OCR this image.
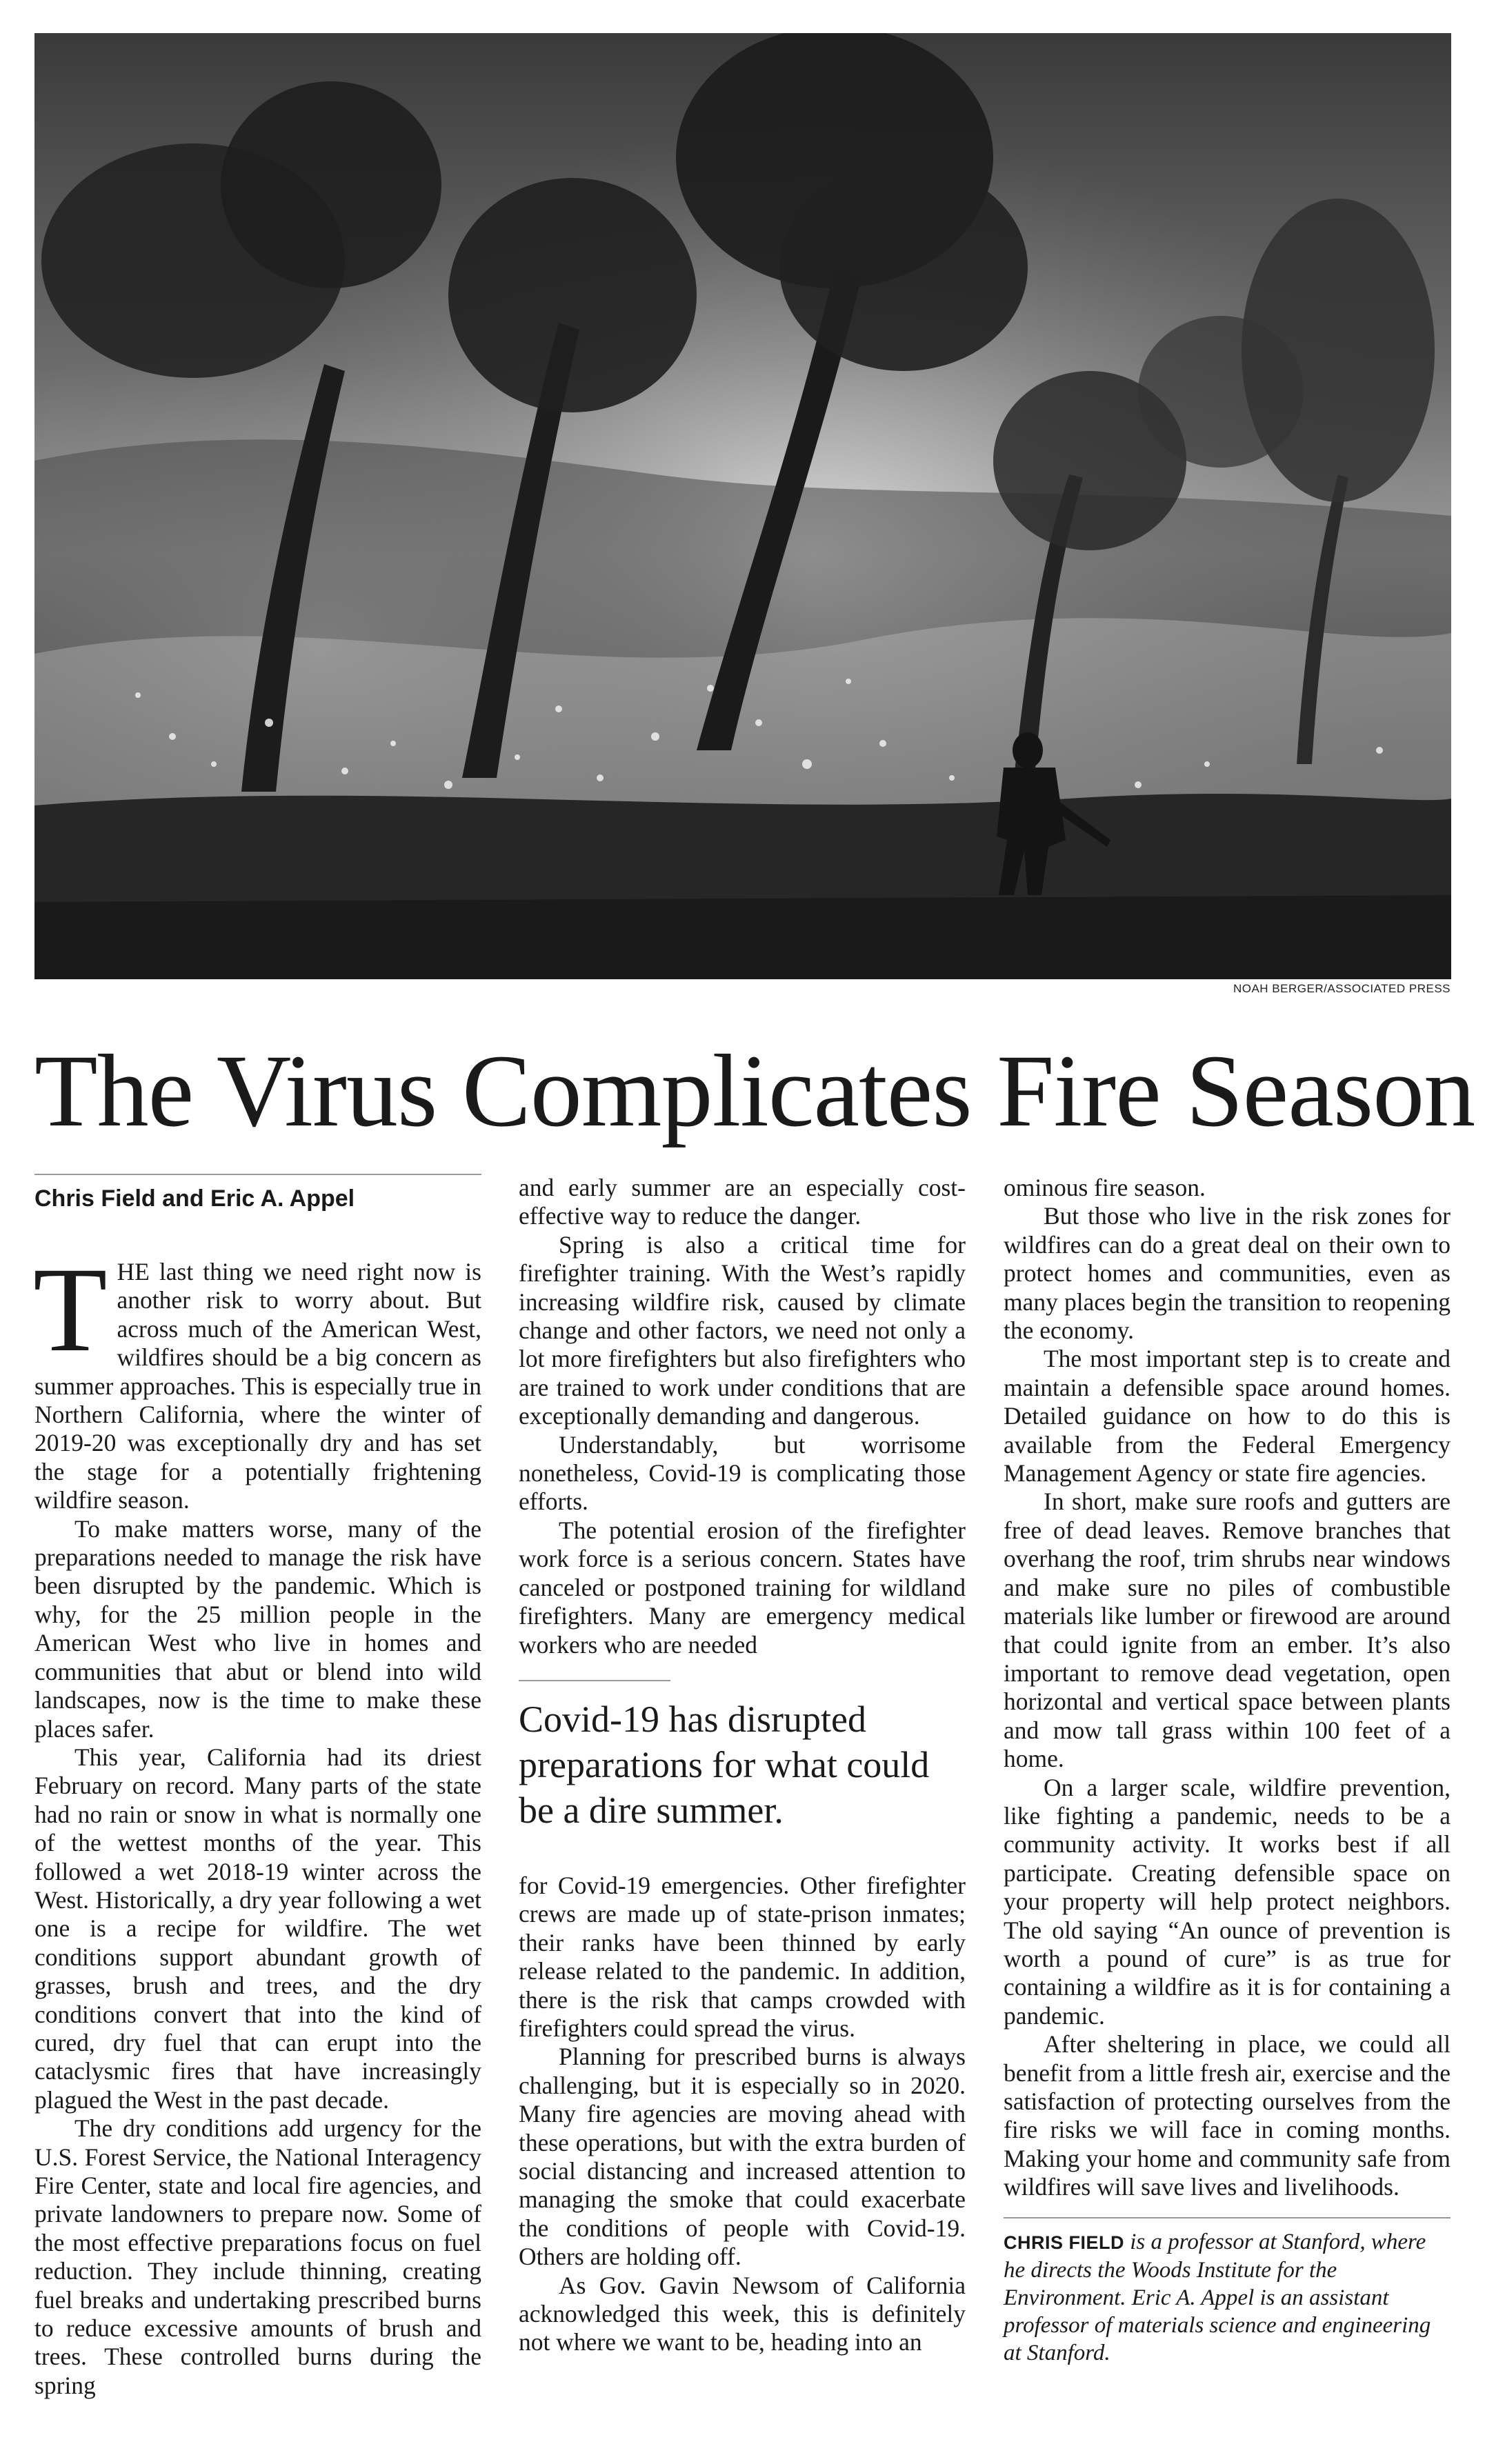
NOAH BERGER/ASSOCIATED PRESS
The Virus Complicates Fire Season
Chris Field and Eric A. Appel

THE last thing we need right now is another risk to worry about. But across much of the American West, wildfires should be a big concern as summer approaches. This is especially true in Northern California, where the winter of 2019-20 was exceptionally dry and has set the stage for a potentially frightening wildfire season.

To make matters worse, many of the preparations needed to manage the risk have been disrupted by the pandemic. Which is why, for the 25 million people in the American West who live in homes and communities that abut or blend into wild landscapes, now is the time to make these places safer.

This year, California had its driest February on record. Many parts of the state had no rain or snow in what is normally one of the wettest months of the year. This followed a wet 2018-19 winter across the West. Historically, a dry year following a wet one is a recipe for wildfire. The wet conditions support abundant growth of grasses, brush and trees, and the dry conditions convert that into the kind of cured, dry fuel that can erupt into the cataclysmic fires that have increasingly plagued the West in the past decade.

The dry conditions add urgency for the U.S. Forest Service, the National Interagency Fire Center, state and local fire agencies, and private landowners to prepare now. Some of the most effective preparations focus on fuel reduction. They include thinning, creating fuel breaks and undertaking prescribed burns to reduce excessive amounts of brush and trees. These controlled burns during the spring

and early summer are an especially cost-effective way to reduce the danger.

Spring is also a critical time for firefighter training. With the West’s rapidly increasing wildfire risk, caused by climate change and other factors, we need not only a lot more firefighters but also firefighters who are trained to work under conditions that are exceptionally demanding and dangerous.

Understandably, but worrisome nonetheless, Covid-19 is complicating those efforts.

The potential erosion of the firefighter work force is a serious concern. States have canceled or postponed training for wildland firefighters. Many are emergency medical workers who are needed

Covid-19 has disrupted preparations for what could be a dire summer.

for Covid-19 emergencies. Other firefighter crews are made up of state-prison inmates; their ranks have been thinned by early release related to the pandemic. In addition, there is the risk that camps crowded with firefighters could spread the virus.

Planning for prescribed burns is always challenging, but it is especially so in 2020. Many fire agencies are moving ahead with these operations, but with the extra burden of social distancing and increased attention to managing the smoke that could exacerbate the conditions of people with Covid-19. Others are holding off.

As Gov. Gavin Newsom of California acknowledged this week, this is definitely not where we want to be, heading into an

ominous fire season.

But those who live in the risk zones for wildfires can do a great deal on their own to protect homes and communities, even as many places begin the transition to reopening the economy.

The most important step is to create and maintain a defensible space around homes. Detailed guidance on how to do this is available from the Federal Emergency Management Agency or state fire agencies.

In short, make sure roofs and gutters are free of dead leaves. Remove branches that overhang the roof, trim shrubs near windows and make sure no piles of combustible materials like lumber or firewood are around that could ignite from an ember. It’s also important to remove dead vegetation, open horizontal and vertical space between plants and mow tall grass within 100 feet of a home.

On a larger scale, wildfire prevention, like fighting a pandemic, needs to be a community activity. It works best if all participate. Creating defensible space on your property will help protect neighbors. The old saying “An ounce of prevention is worth a pound of cure” is as true for containing a wildfire as it is for containing a pandemic.

After sheltering in place, we could all benefit from a little fresh air, exercise and the satisfaction of protecting ourselves from the fire risks we will face in coming months. Making your home and community safe from wildfires will save lives and livelihoods.

CHRIS FIELD is a professor at Stanford, where he directs the Woods Institute for the Environment. Eric A. Appel is an assistant professor of materials science and engineering at Stanford.
